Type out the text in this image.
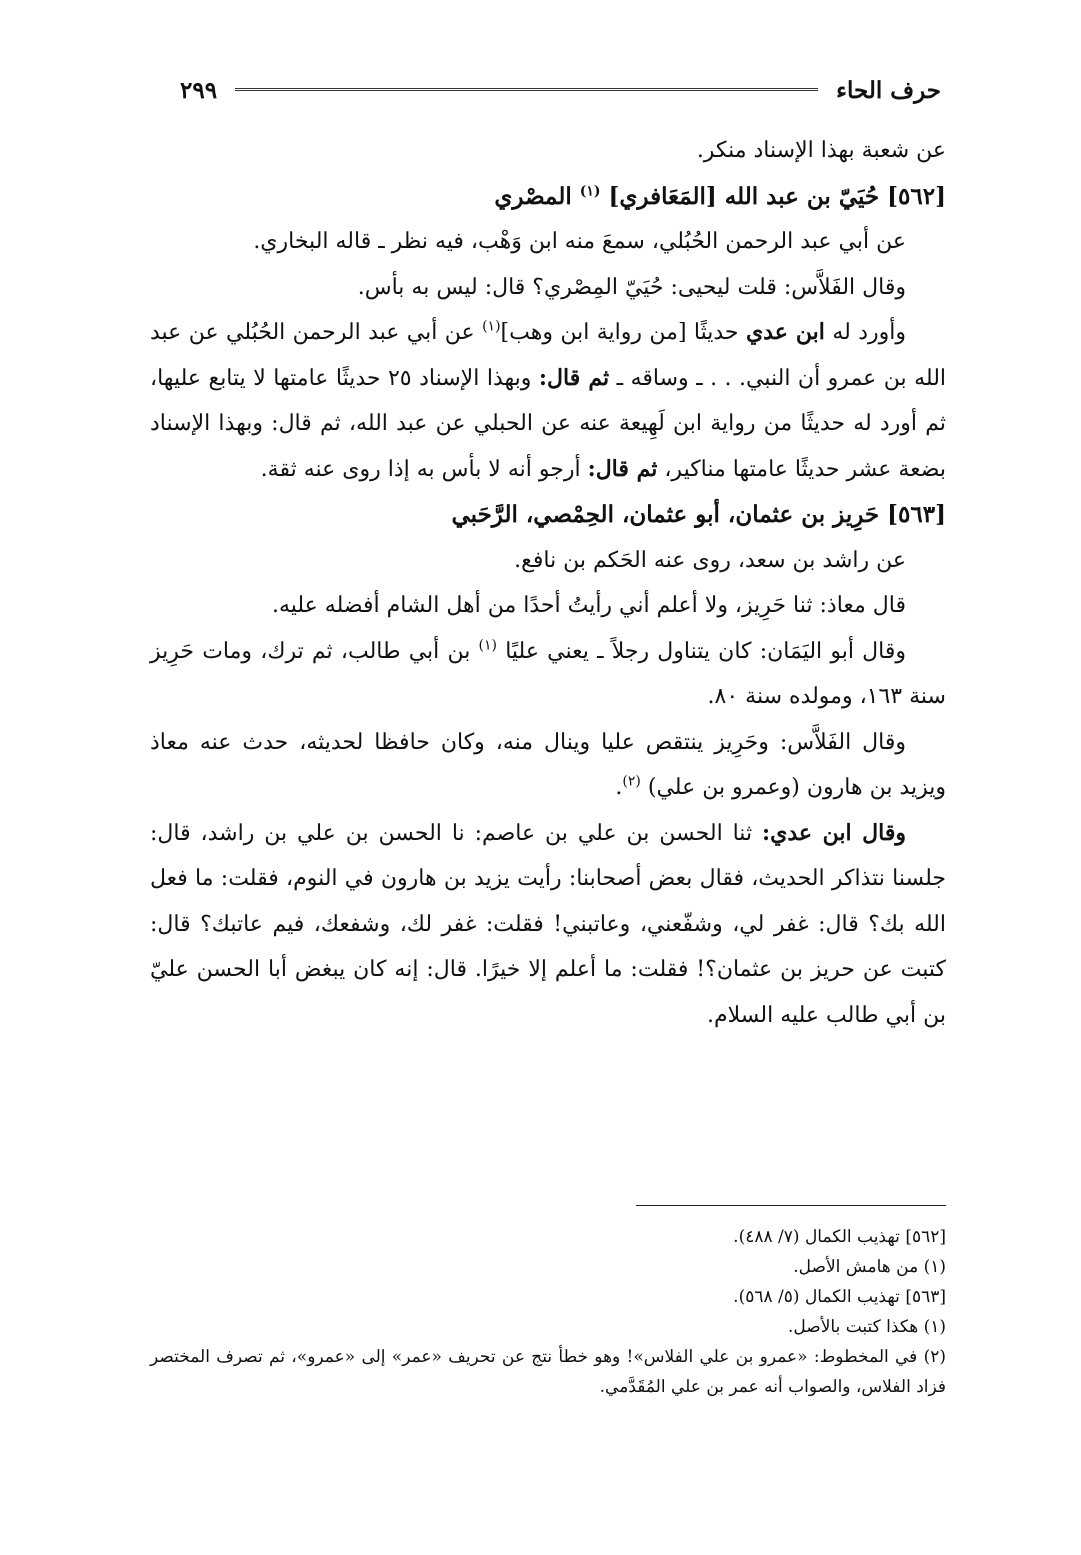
حرف الحاء
٢٩٩

عن شعبة بهذا الإسناد منكر.

[٥٦٢] حُيَيّ بن عبد الله [المَعَافري] $^{(١)}$ المصْري

عن أبي عبد الرحمن الحُبُلي، سمعَ منه ابن وَهْب، فيه نظر ـ قاله البخاري.

وقال الفَلاَّس: قلت ليحيى: حُيَيّ المِصْري؟ قال: ليس به بأس.

وأورد له ابن عدي حديثًا [من رواية ابن وهب]$^{(١)}$ عن أبي عبد الرحمن الحُبُلي عن عبد الله بن عمرو أن النبي. . . ـ وساقه ـ ثم قال: وبهذا الإسناد ٢٥ حديثًا عامتها لا يتابع عليها، ثم أورد له حديثًا من رواية ابن لَهِيعة عنه عن الحبلي عن عبد الله، ثم قال: وبهذا الإسناد بضعة عشر حديثًا عامتها مناكير، ثم قال: أرجو أنه لا بأس به إذا روى عنه ثقة.

[٥٦٣] حَرِيز بن عثمان، أبو عثمان، الحِمْصي، الرَّحَبي

عن راشد بن سعد، روى عنه الحَكم بن نافع.

قال معاذ: ثنا حَرِيز، ولا أعلم أني رأيتُ أحدًا من أهل الشام أفضله عليه.

وقال أبو اليَمَان: كان يتناول رجلاً ـ يعني عليًا $^{(١)}$ بن أبي طالب، ثم ترك، ومات حَرِيز سنة ١٦٣، ومولده سنة ٨٠.

وقال الفَلاَّس: وحَرِيز ينتقص عليا وينال منه، وكان حافظا لحديثه، حدث عنه معاذ ويزيد بن هارون (وعمرو بن علي) $^{(٢)}$.

وقال ابن عدي: ثنا الحسن بن علي بن عاصم: نا الحسن بن علي بن راشد، قال: جلسنا نتذاكر الحديث، فقال بعض أصحابنا: رأيت يزيد بن هارون في النوم، فقلت: ما فعل الله بك؟ قال: غفر لي، وشفّعني، وعاتبني! فقلت: غفر لك، وشفعك، فيم عاتبك؟ قال: كتبت عن حريز بن عثمان؟! فقلت: ما أعلم إلا خيرًا. قال: إنه كان يبغض أبا الحسن عليّ بن أبي طالب عليه السلام.

[٥٦٢] تهذيب الكمال (٧/ ٤٨٨).

(١) من هامش الأصل.

[٥٦٣] تهذيب الكمال (٥/ ٥٦٨).

(١) هكذا كتبت بالأصل.

(٢) في المخطوط: «عمرو بن علي الفلاس»! وهو خطأ نتج عن تحريف «عمر» إلى «عمرو»، ثم تصرف المختصر فزاد الفلاس، والصواب أنه عمر بن علي المُقَدَّمي.
